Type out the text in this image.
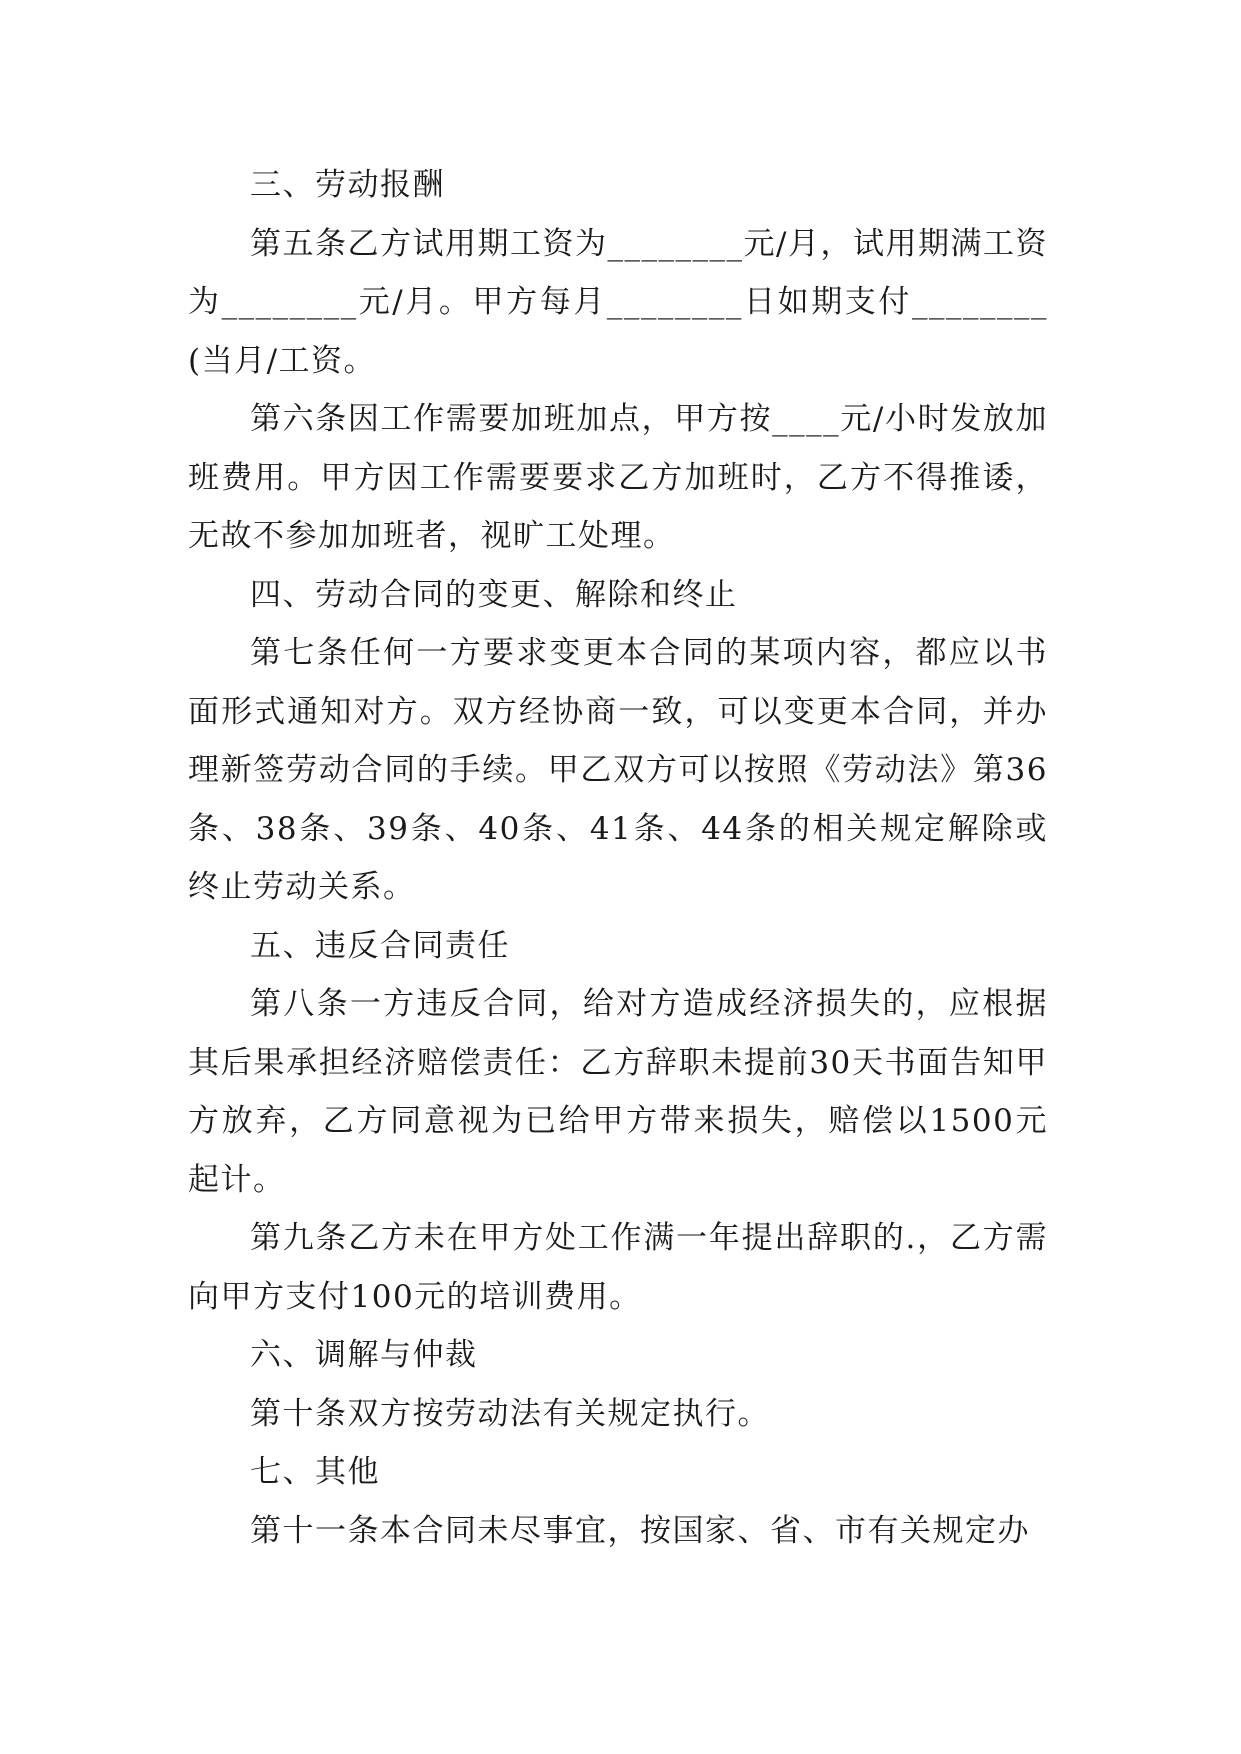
三、劳动报酬

第五条乙方试用期工资为________元/月，试用期满工资为________元/月。甲方每月________日如期支付________(当月/工资。

第六条因工作需要加班加点，甲方按____元/小时发放加班费用。甲方因工作需要要求乙方加班时，乙方不得推诿，无故不参加加班者，视旷工处理。

四、劳动合同的变更、解除和终止

第七条任何一方要求变更本合同的某项内容，都应以书面形式通知对方。双方经协商一致，可以变更本合同，并办理新签劳动合同的手续。甲乙双方可以按照《劳动法》第36条、38条、39条、40条、41条、44条的相关规定解除或终止劳动关系。

五、违反合同责任

第八条一方违反合同，给对方造成经济损失的，应根据其后果承担经济赔偿责任：乙方辞职未提前30天书面告知甲方放弃，乙方同意视为已给甲方带来损失，赔偿以1500元起计。

第九条乙方未在甲方处工作满一年提出辞职的.，乙方需向甲方支付100元的培训费用。

六、调解与仲裁

第十条双方按劳动法有关规定执行。

七、其他

第十一条本合同未尽事宜，按国家、省、市有关规定办
